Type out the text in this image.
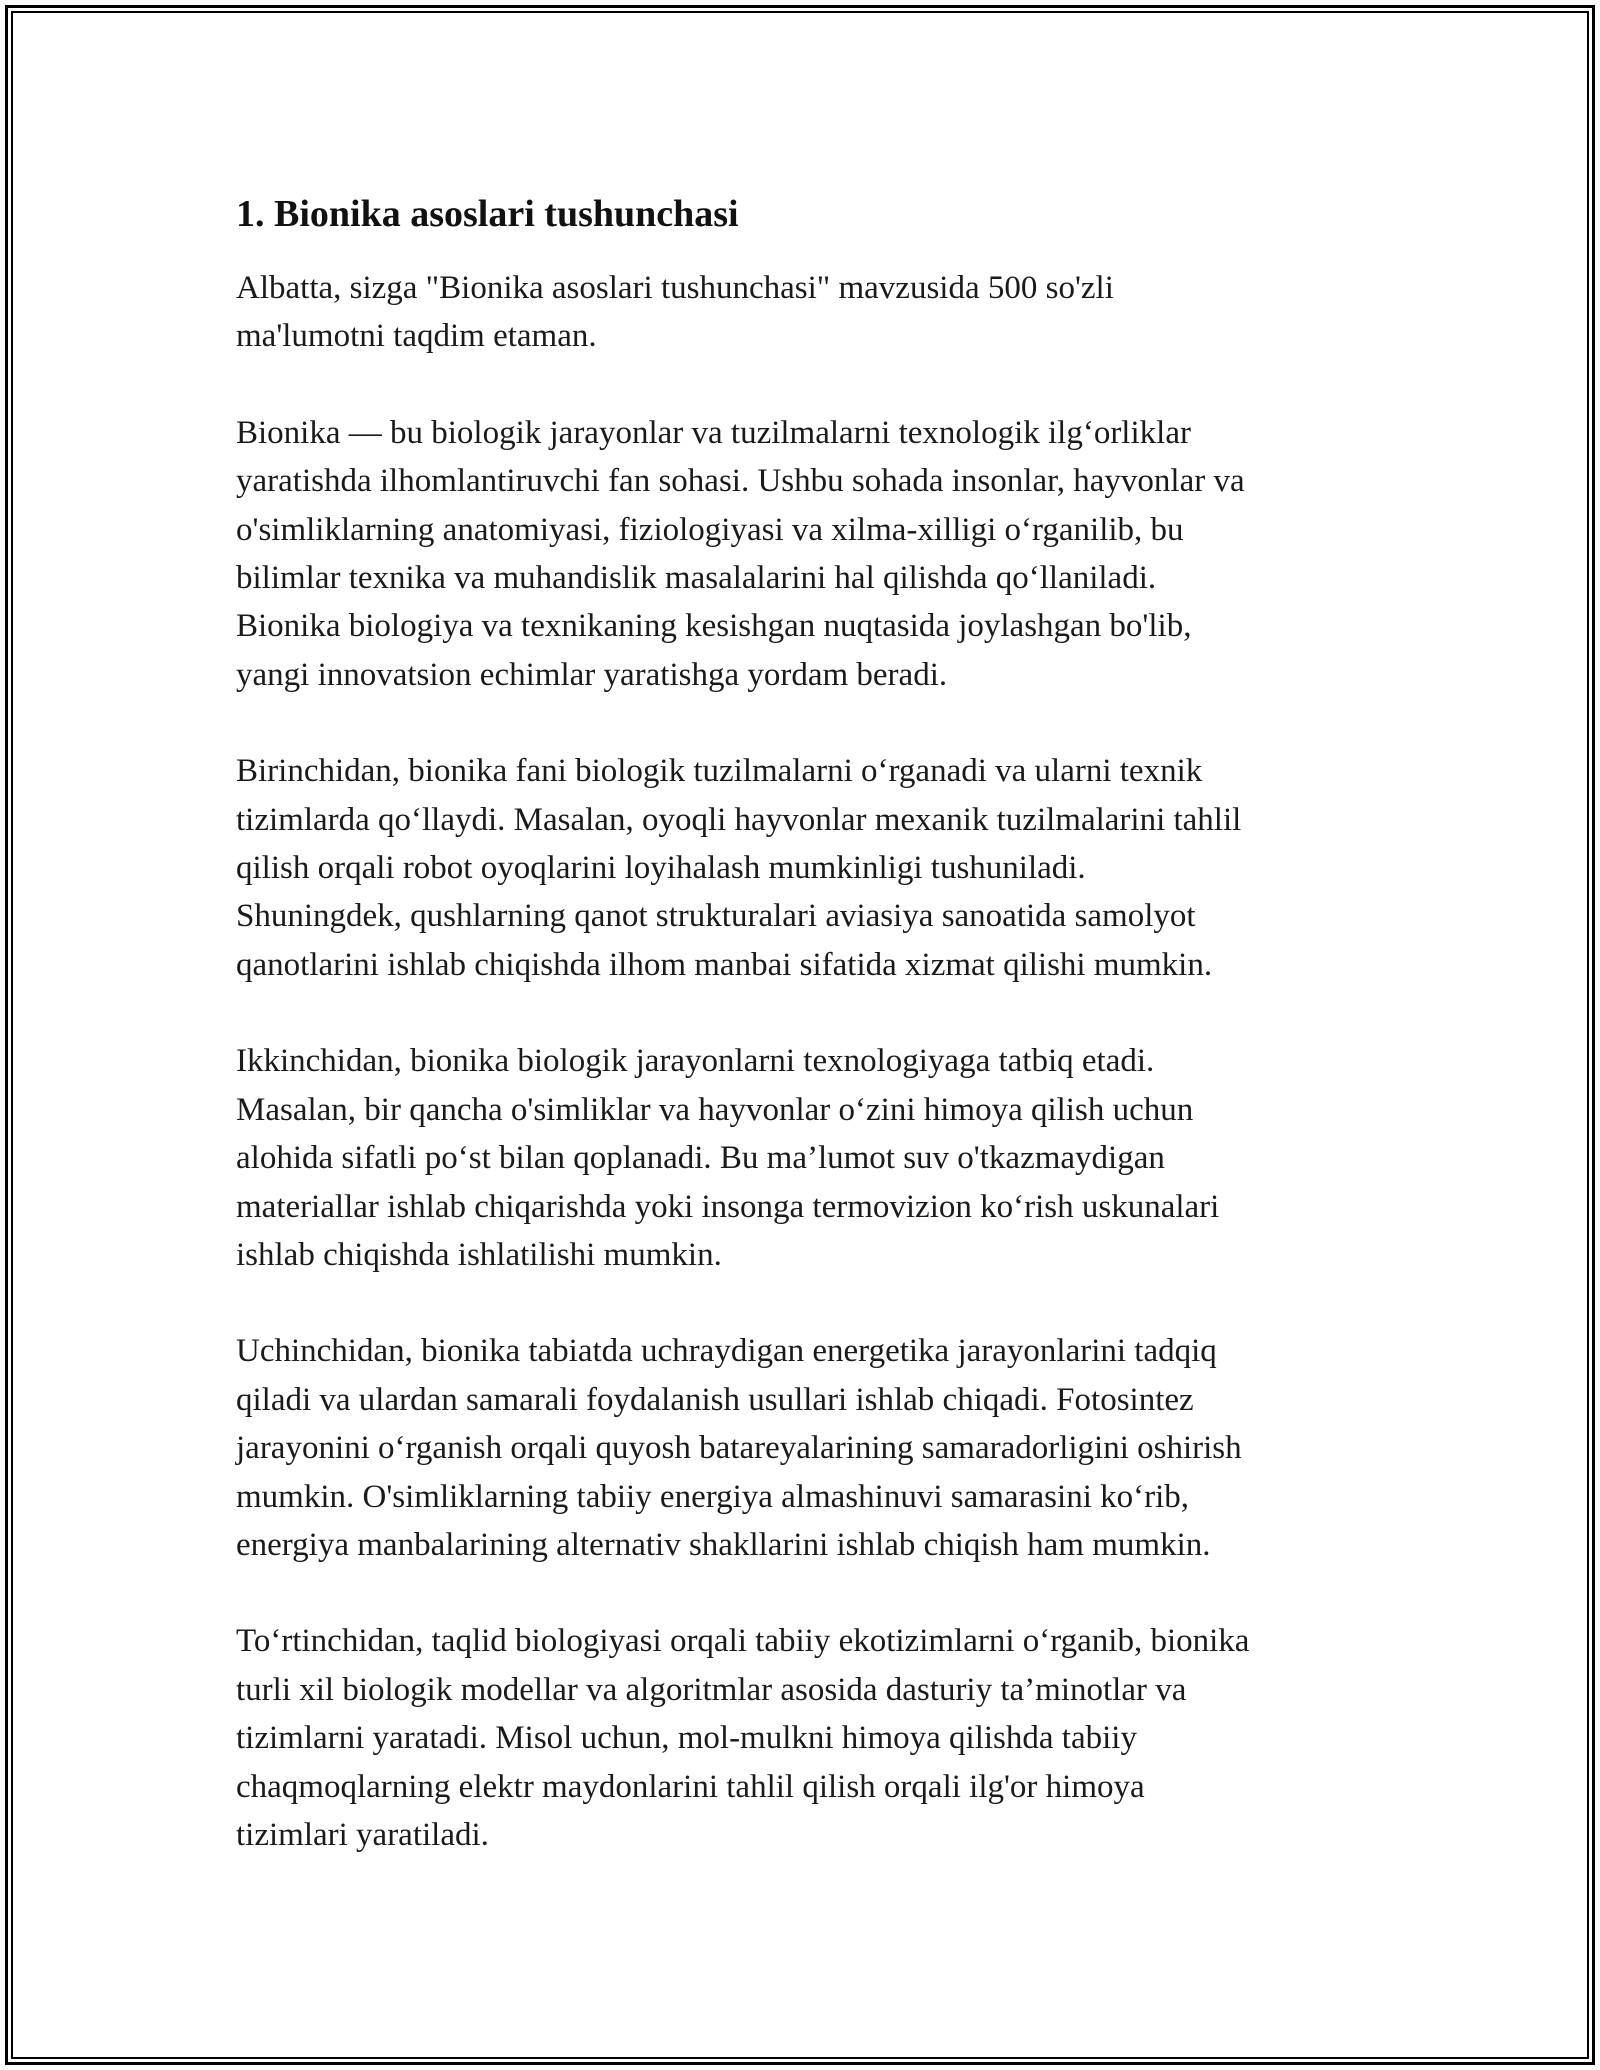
1. Bionika asoslari tushunchasi
Albatta, sizga "Bionika asoslari tushunchasi" mavzusida 500 so'zli
ma'lumotni taqdim etaman.
Bionika — bu biologik jarayonlar va tuzilmalarni texnologik ilg‘orliklar
yaratishda ilhomlantiruvchi fan sohasi. Ushbu sohada insonlar, hayvonlar va
o'simliklarning anatomiyasi, fiziologiyasi va xilma-xilligi o‘rganilib, bu
bilimlar texnika va muhandislik masalalarini hal qilishda qo‘llaniladi.
Bionika biologiya va texnikaning kesishgan nuqtasida joylashgan bo'lib,
yangi innovatsion echimlar yaratishga yordam beradi.
Birinchidan, bionika fani biologik tuzilmalarni o‘rganadi va ularni texnik
tizimlarda qo‘llaydi. Masalan, oyoqli hayvonlar mexanik tuzilmalarini tahlil
qilish orqali robot oyoqlarini loyihalash mumkinligi tushuniladi.
Shuningdek, qushlarning qanot strukturalari aviasiya sanoatida samolyot
qanotlarini ishlab chiqishda ilhom manbai sifatida xizmat qilishi mumkin.
Ikkinchidan, bionika biologik jarayonlarni texnologiyaga tatbiq etadi.
Masalan, bir qancha o'simliklar va hayvonlar o‘zini himoya qilish uchun
alohida sifatli po‘st bilan qoplanadi. Bu ma’lumot suv o'tkazmaydigan
materiallar ishlab chiqarishda yoki insonga termovizion ko‘rish uskunalari
ishlab chiqishda ishlatilishi mumkin.
Uchinchidan, bionika tabiatda uchraydigan energetika jarayonlarini tadqiq
qiladi va ulardan samarali foydalanish usullari ishlab chiqadi. Fotosintez
jarayonini o‘rganish orqali quyosh batareyalarining samaradorligini oshirish
mumkin. O'simliklarning tabiiy energiya almashinuvi samarasini ko‘rib,
energiya manbalarining alternativ shakllarini ishlab chiqish ham mumkin.
To‘rtinchidan, taqlid biologiyasi orqali tabiiy ekotizimlarni o‘rganib, bionika
turli xil biologik modellar va algoritmlar asosida dasturiy ta’minotlar va
tizimlarni yaratadi. Misol uchun, mol-mulkni himoya qilishda tabiiy
chaqmoqlarning elektr maydonlarini tahlil qilish orqali ilg'or himoya
tizimlari yaratiladi.
